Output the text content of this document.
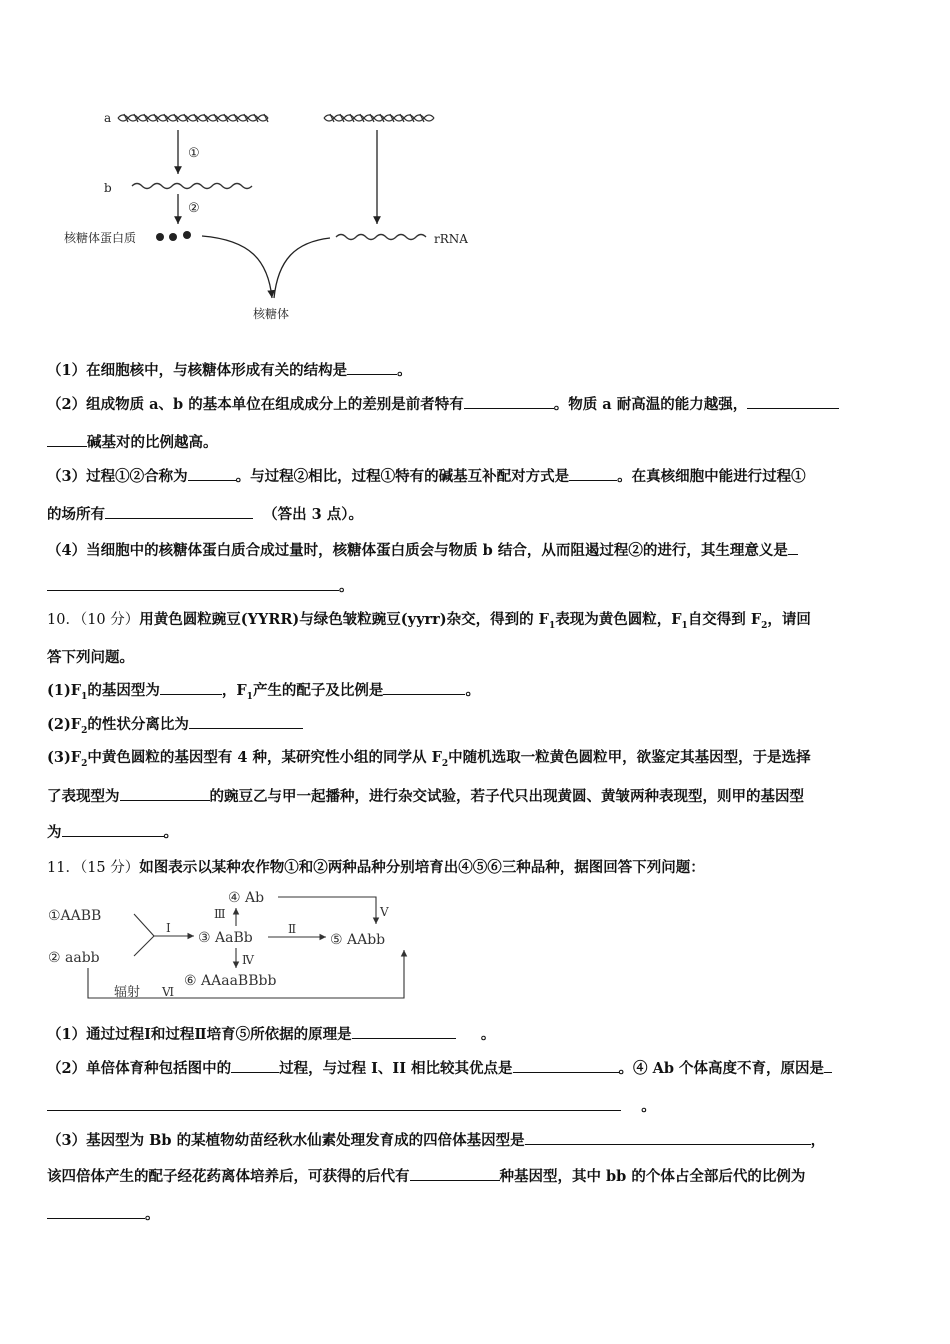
a
①
b
②
核糖体蛋白质	rRNA
核糖体
（1）在细胞核中，与核糖体形成有关的结构是	。
（2）组成物质 a、b 的基本单位在组成成分上的差别是前者特有	。物质 a 耐高温的能力越强，
碱基对的比例越高。
（3）过程①②合称为	。与过程②相比，过程①特有的碱基互补配对方式是	。在真核细胞中能进行过程①
的场所有	（答出 3 点）。
（4）当细胞中的核糖体蛋白质合成过量时，核糖体蛋白质会与物质 b 结合，从而阻遏过程②的进行，其生理意义是
。
10．（10 分）用黄色圆粒豌豆(YYRR)与绿色皱粒豌豆(yyrr)杂交，得到的 $F_1$表现为黄色圆粒，$F_1$自交得到 $F_2$，请回
答下列问题。
$(1)F_1$的基因型为	，$F_1$产生的配子及比例是	。
$(2)F_2$的性状分离比为
$(3)F_2$中黄色圆粒的基因型有 4 种，某研究性小组的同学从 $F_2$中随机选取一粒黄色圆粒甲，欲鉴定其基因型，于是选择
了表现型为	的豌豆乙与甲一起播种，进行杂交试验，若子代只出现黄圆、黄皱两种表现型，则甲的基因型
为	。
11．（15 分）如图表示以某种农作物①和②两种品种分别培育出④⑤⑥三种品种，据图回答下列问题：
①AABB
② aabb
Ⅰ
③ AaBb
Ⅱ
⑤ AAbb
Ⅲ
④ Ab
Ⅴ
Ⅳ
⑥ AAaaBBbb
辐射 Ⅵ
（1）通过过程Ⅰ和过程Ⅱ培育⑤所依据的原理是	。
（2）单倍体育种包括图中的	过程，与过程 I、II 相比较其优点是	。④ Ab 个体高度不育，原因是
。
（3）基因型为 Bb 的某植物幼苗经秋水仙素处理发育成的四倍体基因型是	，
该四倍体产生的配子经花药离体培养后，可获得的后代有	种基因型，其中 bb 的个体占全部后代的比例为
。
